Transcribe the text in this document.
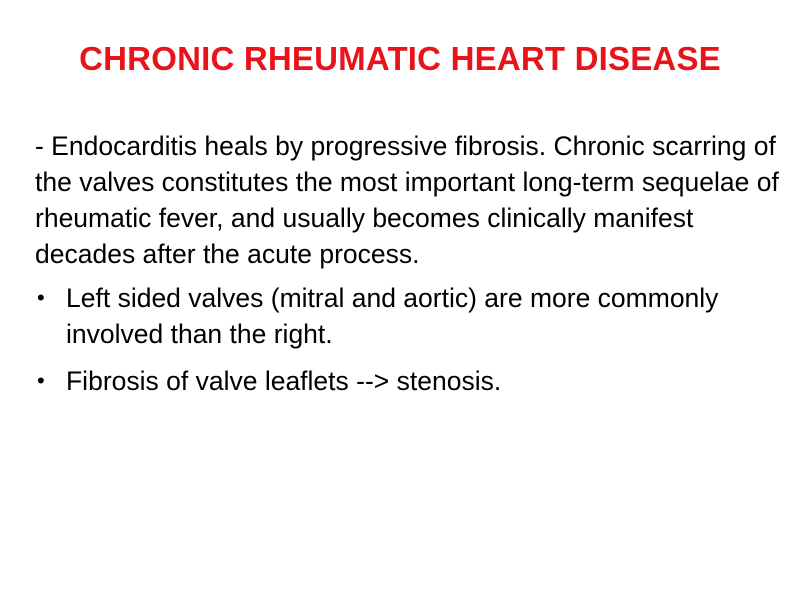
CHRONIC RHEUMATIC HEART DISEASE

- Endocarditis heals by progressive fibrosis. Chronic scarring of the valves constitutes the most important long-term sequelae of rheumatic fever, and usually becomes clinically manifest decades after the acute process.

• Left sided valves (mitral and aortic) are more commonly involved than the right.
• Fibrosis of valve leaflets --> stenosis.
